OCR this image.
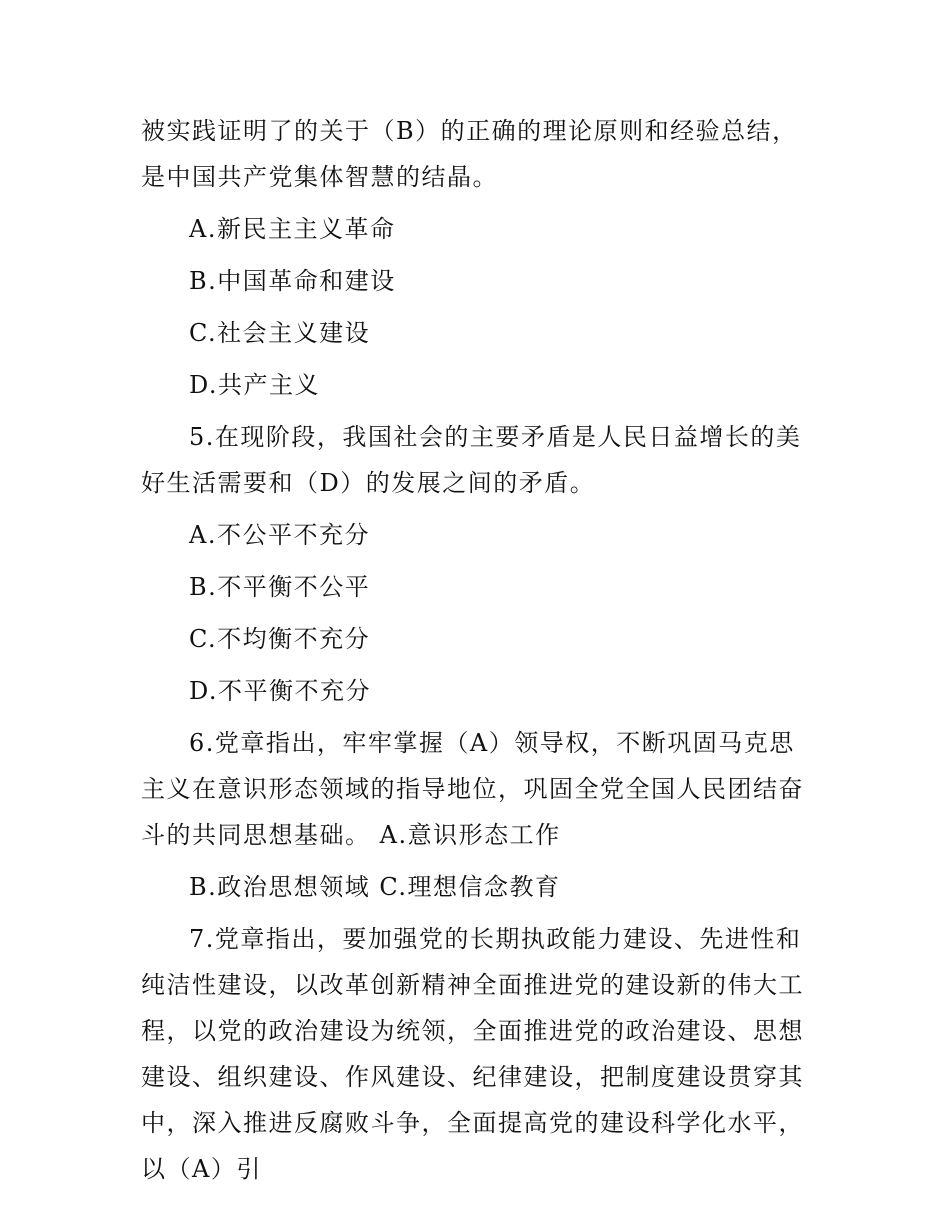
被实践证明了的关于（B）的正确的理论原则和经验总结，是中国共产党集体智慧的结晶。

A.新民主主义革命

B.中国革命和建设

C.社会主义建设

D.共产主义

5.在现阶段，我国社会的主要矛盾是人民日益增长的美好生活需要和（D）的发展之间的矛盾。

A.不公平不充分

B.不平衡不公平

C.不均衡不充分

D.不平衡不充分

6.党章指出，牢牢掌握（A）领导权，不断巩固马克思主义在意识形态领域的指导地位，巩固全党全国人民团结奋斗的共同思想基础。 A.意识形态工作

B.政治思想领域 C.理想信念教育

7.党章指出，要加强党的长期执政能力建设、先进性和纯洁性建设，以改革创新精神全面推进党的建设新的伟大工程，以党的政治建设为统领，全面推进党的政治建设、思想建设、组织建设、作风建设、纪律建设，把制度建设贯穿其中，深入推进反腐败斗争，全面提高党的建设科学化水平，以（A）引
